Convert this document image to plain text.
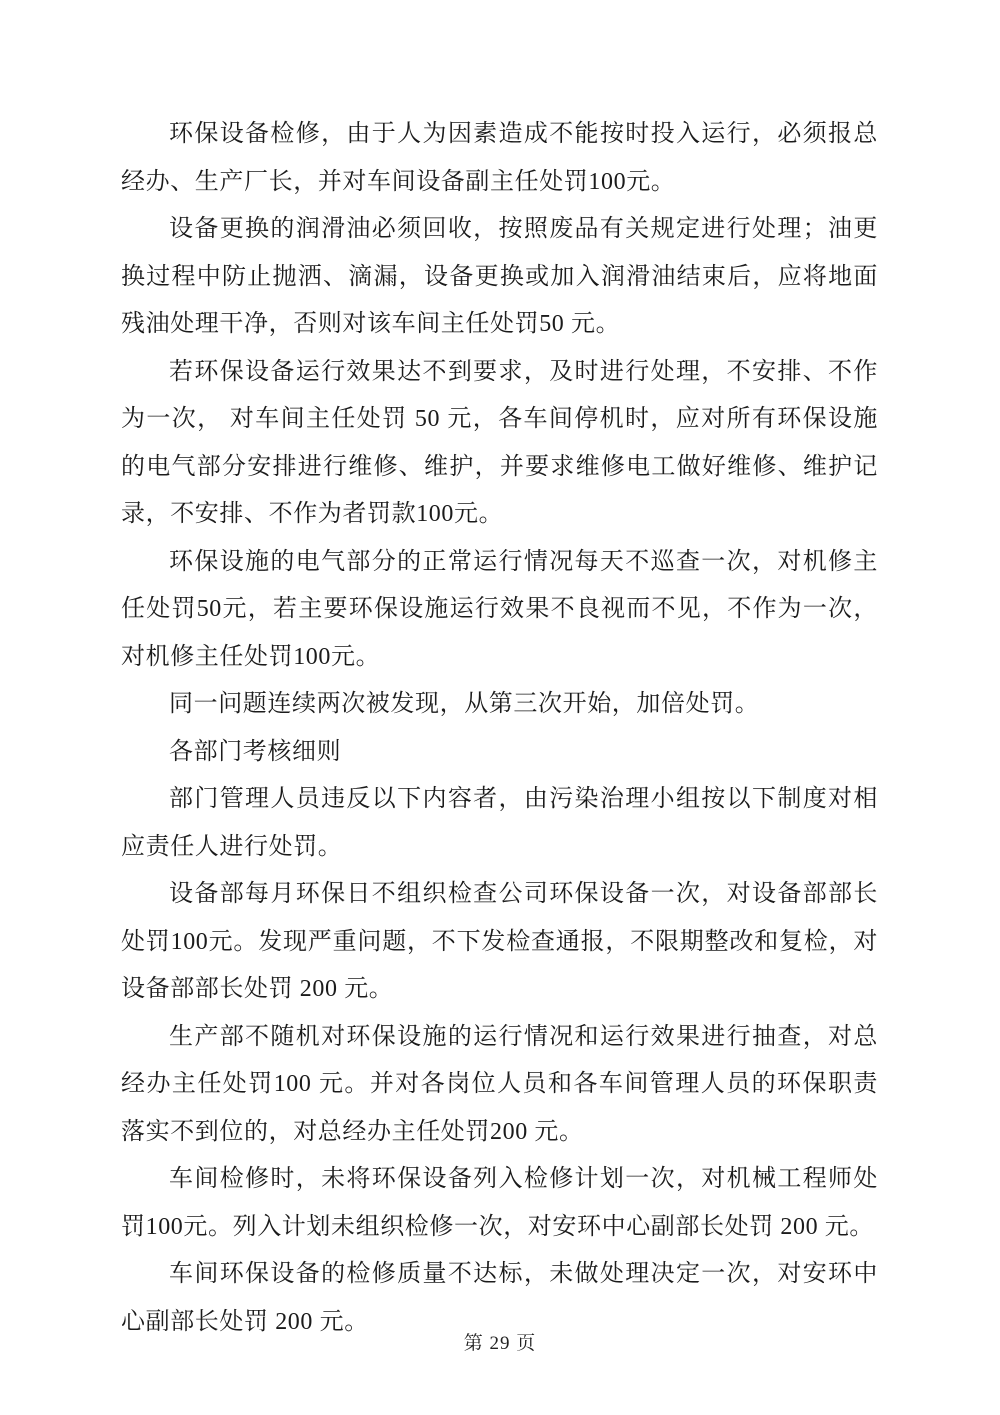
环保设备检修，由于人为因素造成不能按时投入运行，必须报总经办、生产厂长，并对车间设备副主任处罚100元。

设备更换的润滑油必须回收，按照废品有关规定进行处理；油更换过程中防止抛洒、滴漏，设备更换或加入润滑油结束后，应将地面残油处理干净，否则对该车间主任处罚50 元。

若环保设备运行效果达不到要求，及时进行处理，不安排、不作为一次， 对车间主任处罚 50 元，各车间停机时，应对所有环保设施的电气部分安排进行维修、维护，并要求维修电工做好维修、维护记录，不安排、不作为者罚款100元。

环保设施的电气部分的正常运行情况每天不巡查一次，对机修主任处罚50元，若主要环保设施运行效果不良视而不见，不作为一次，对机修主任处罚100元。

同一问题连续两次被发现，从第三次开始，加倍处罚。

各部门考核细则

部门管理人员违反以下内容者，由污染治理小组按以下制度对相应责任人进行处罚。

设备部每月环保日不组织检查公司环保设备一次，对设备部部长处罚100元。发现严重问题，不下发检查通报，不限期整改和复检，对设备部部长处罚 200 元。

生产部不随机对环保设施的运行情况和运行效果进行抽查，对总经办主任处罚100 元。并对各岗位人员和各车间管理人员的环保职责落实不到位的，对总经办主任处罚200 元。

车间检修时，未将环保设备列入检修计划一次，对机械工程师处罚100元。列入计划未组织检修一次，对安环中心副部长处罚 200 元。

车间环保设备的检修质量不达标，未做处理决定一次，对安环中心副部长处罚 200 元。

第 29 页
